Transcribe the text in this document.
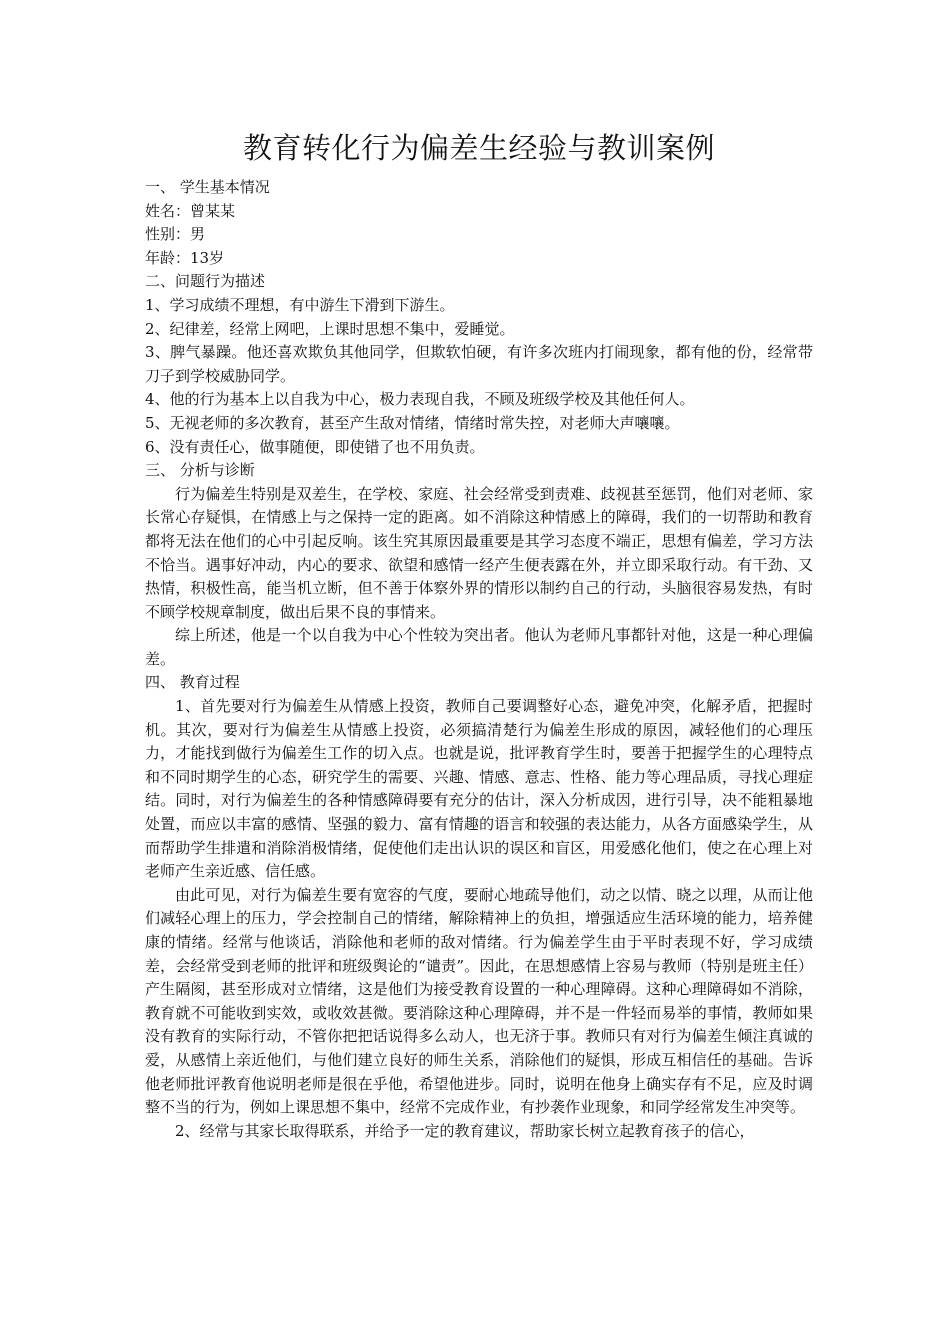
教育转化行为偏差生经验与教训案例

一、 学生基本情况

姓名：曾某某

性别：男

年龄：13岁

二、问题行为描述

1、学习成绩不理想，有中游生下滑到下游生。

2、纪律差，经常上网吧，上课时思想不集中，爱睡觉。

3、脾气暴躁。他还喜欢欺负其他同学，但欺软怕硬，有许多次班内打闹现象，都有他的份，经常带刀子到学校威胁同学。

4、他的行为基本上以自我为中心，极力表现自我，不顾及班级学校及其他任何人。

5、无视老师的多次教育，甚至产生敌对情绪，情绪时常失控，对老师大声嚷嚷。

6、没有责任心，做事随便，即使错了也不用负责。

三、 分析与诊断

行为偏差生特别是双差生，在学校、家庭、社会经常受到责难、歧视甚至惩罚，他们对老师、家长常心存疑惧，在情感上与之保持一定的距离。如不消除这种情感上的障碍，我们的一切帮助和教育都将无法在他们的心中引起反响。该生究其原因最重要是其学习态度不端正，思想有偏差，学习方法不恰当。遇事好冲动，内心的要求、欲望和感情一经产生便表露在外，并立即采取行动。有干劲、又热情，积极性高，能当机立断，但不善于体察外界的情形以制约自己的行动，头脑很容易发热，有时不顾学校规章制度，做出后果不良的事情来。

综上所述，他是一个以自我为中心个性较为突出者。他认为老师凡事都针对他，这是一种心理偏差。

四、 教育过程

1、首先要对行为偏差生从情感上投资，教师自己要调整好心态，避免冲突，化解矛盾，把握时机。其次，要对行为偏差生从情感上投资，必须搞清楚行为偏差生形成的原因，减轻他们的心理压力，才能找到做行为偏差生工作的切入点。也就是说，批评教育学生时，要善于把握学生的心理特点和不同时期学生的心态，研究学生的需要、兴趣、情感、意志、性格、能力等心理品质，寻找心理症结。同时，对行为偏差生的各种情感障碍要有充分的估计，深入分析成因，进行引导，决不能粗暴地处置，而应以丰富的感情、坚强的毅力、富有情趣的语言和较强的表达能力，从各方面感染学生，从而帮助学生排遣和消除消极情绪，促使他们走出认识的误区和盲区，用爱感化他们，使之在心理上对老师产生亲近感、信任感。

由此可见，对行为偏差生要有宽容的气度，要耐心地疏导他们，动之以情、晓之以理，从而让他们减轻心理上的压力，学会控制自己的情绪，解除精神上的负担，增强适应生活环境的能力，培养健康的情绪。经常与他谈话，消除他和老师的敌对情绪。行为偏差学生由于平时表现不好，学习成绩差，会经常受到老师的批评和班级舆论的“谴责”。因此，在思想感情上容易与教师（特别是班主任）产生隔阂，甚至形成对立情绪，这是他们为接受教育设置的一种心理障碍。这种心理障碍如不消除，教育就不可能收到实效，或收效甚微。要消除这种心理障碍，并不是一件轻而易举的事情，教师如果没有教育的实际行动，不管你把把话说得多么动人，也无济于事。教师只有对行为偏差生倾注真诚的爱，从感情上亲近他们，与他们建立良好的师生关系，消除他们的疑惧，形成互相信任的基础。告诉他老师批评教育他说明老师是很在乎他，希望他进步。同时，说明在他身上确实存有不足，应及时调整不当的行为，例如上课思想不集中，经常不完成作业，有抄袭作业现象，和同学经常发生冲突等。

2、经常与其家长取得联系，并给予一定的教育建议，帮助家长树立起教育孩子的信心，
